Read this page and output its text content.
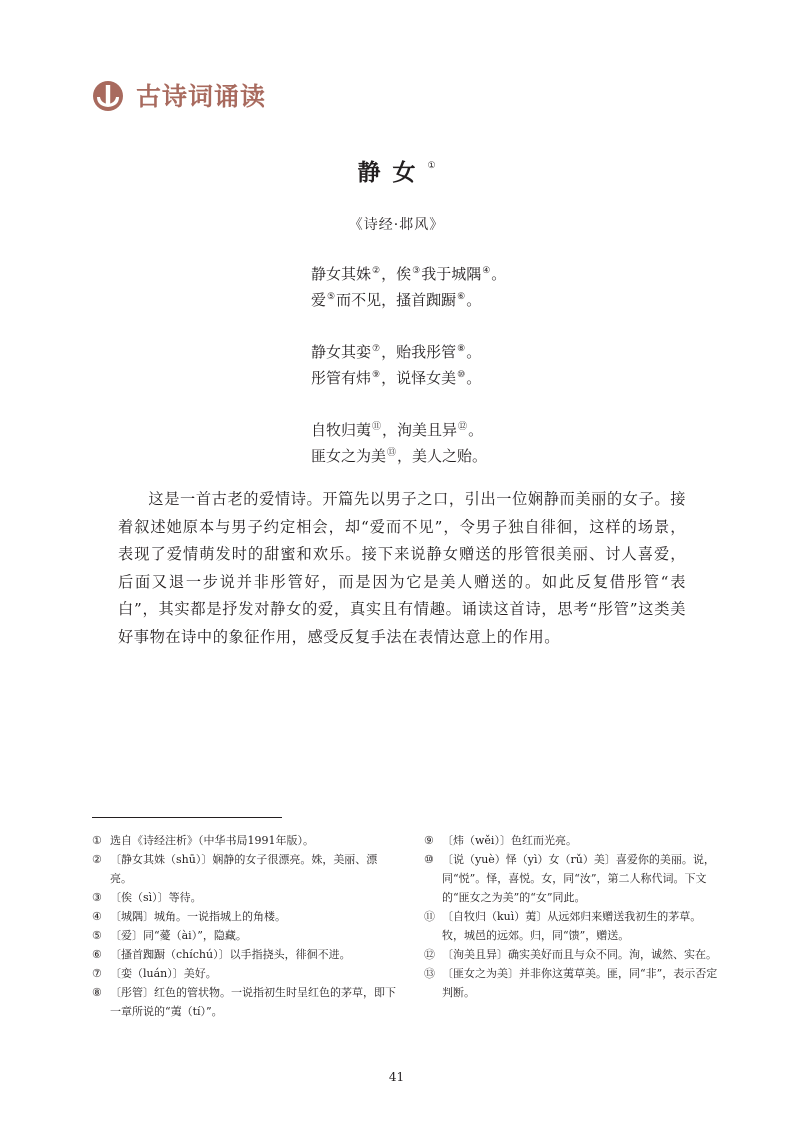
古诗词诵读
静女①
《诗经·邶风》
静女其姝②，俟③我于城隅④。
爱⑤而不见，搔首踟蹰⑥。
静女其娈⑦，贻我彤管⑧。
彤管有炜⑨，说怿女美⑩。
自牧归荑⑪，洵美且异⑫。
匪女之为美⑬，美人之贻。

这是一首古老的爱情诗。开篇先以男子之口，引出一位娴静而美丽的女子。接着叙述她原本与男子约定相会，却“爱而不见”，令男子独自徘徊，这样的场景，表现了爱情萌发时的甜蜜和欢乐。接下来说静女赠送的彤管很美丽、讨人喜爱，后面又退一步说并非彤管好，而是因为它是美人赠送的。如此反复借彤管“表白”，其实都是抒发对静女的爱，真实且有情趣。诵读这首诗，思考“彤管”这类美好事物在诗中的象征作用，感受反复手法在表情达意上的作用。

① 选自《诗经注析》（中华书局1991年版）。
② 〔静女其姝（shū）〕娴静的女子很漂亮。姝，美丽、漂亮。
③ 〔俟（sì）〕等待。
④ 〔城隅〕城角。一说指城上的角楼。
⑤ 〔爱〕同“薆（ài）”，隐藏。
⑥ 〔搔首踟蹰（chíchú）〕以手指挠头，徘徊不进。
⑦ 〔娈（luán）〕美好。
⑧ 〔彤管〕红色的管状物。一说指初生时呈红色的茅草，即下一章所说的“荑（tí）”。
⑨ 〔炜（wěi）〕色红而光亮。
⑩ 〔说（yuè）怿（yì）女（rǔ）美〕喜爱你的美丽。说，同“悦”。怿，喜悦。女，同“汝”，第二人称代词。下文的“匪女之为美”的“女”同此。
⑪ 〔自牧归（kuì）荑〕从远郊归来赠送我初生的茅草。牧，城邑的远郊。归，同“馈”，赠送。
⑫ 〔洵美且异〕确实美好而且与众不同。洵，诚然、实在。
⑬ 〔匪女之为美〕并非你这荑草美。匪，同“非”，表示否定判断。
41
